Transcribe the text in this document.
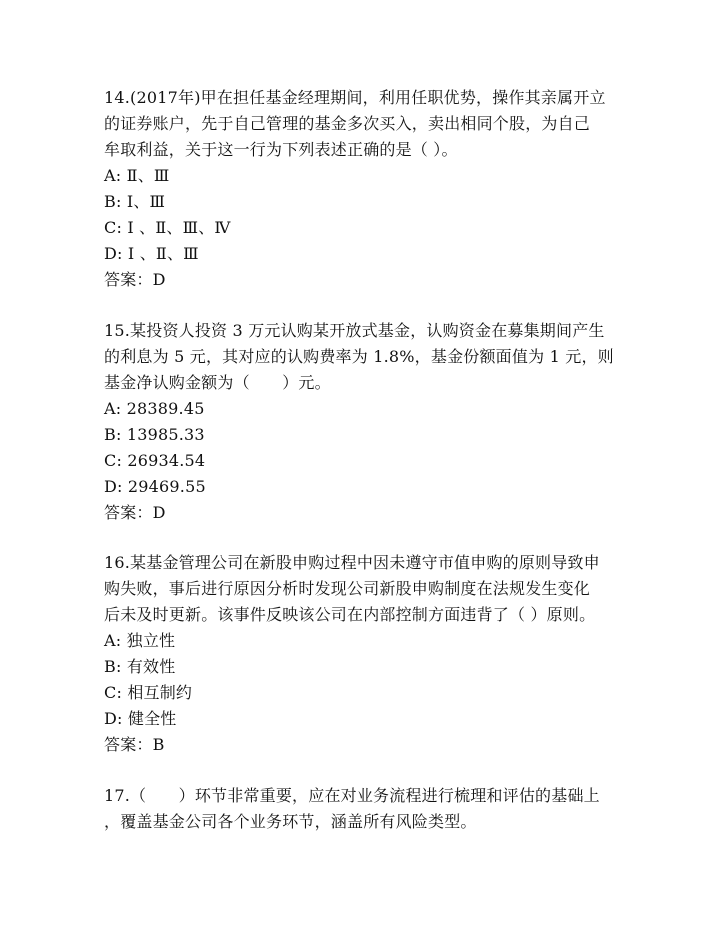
14.(2017年)甲在担任基金经理期间，利用任职优势，操作其亲属开立
的证券账户，先于自己管理的基金多次买入，卖出相同个股，为自己
牟取利益，关于这一行为下列表述正确的是（ ）。
A: Ⅱ、Ⅲ
B: Ⅰ、Ⅲ
C: Ⅰ 、Ⅱ、Ⅲ、Ⅳ
D: Ⅰ 、Ⅱ、Ⅲ
答案：D
15.某投资人投资 3 万元认购某开放式基金，认购资金在募集期间产生
的利息为 5 元，其对应的认购费率为 1.8%，基金份额面值为 1 元，则
基金净认购金额为（　　）元。
A: 28389.45
B: 13985.33
C: 26934.54
D: 29469.55
答案：D
16.某基金管理公司在新股申购过程中因未遵守市值申购的原则导致申
购失败，事后进行原因分析时发现公司新股申购制度在法规发生变化
后未及时更新。该事件反映该公司在内部控制方面违背了（ ）原则。
A: 独立性
B: 有效性
C: 相互制约
D: 健全性
答案：B
17.（　　）环节非常重要，应在对业务流程进行梳理和评估的基础上
，覆盖基金公司各个业务环节，涵盖所有风险类型。
